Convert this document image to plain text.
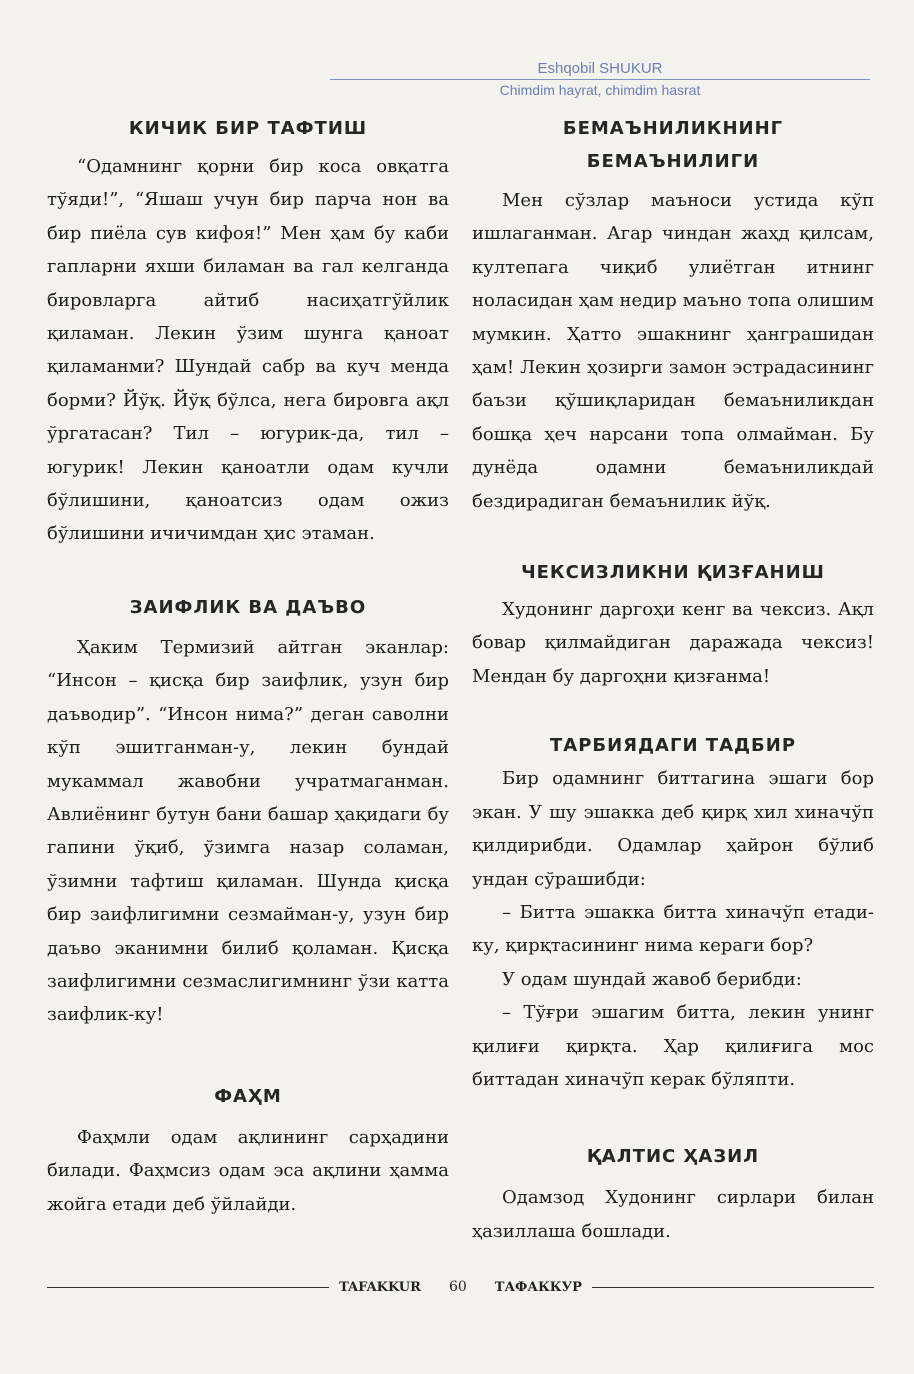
Eshqobil SHUKUR
Chimdim hayrat, chimdim hasrat
КИЧИК БИР ТАФТИШ

“Одамнинг қорни бир коса овқатга тўяди!”, “Яшаш учун бир парча нон ва бир пиёла сув кифоя!” Мен ҳам бу каби гапларни яхши биламан ва гал келганда бировларга айтиб насиҳатгўйлик қиламан. Лекин ўзим шунга қаноат қиламанми? Шундай сабр ва куч менда борми? Йўқ. Йўқ бўлса, нега бировга ақл ўргатасан? Тил – югурик-да, тил – югурик! Лекин қаноатли одам кучли бўлишини, қаноатсиз одам ожиз бўлишини ичичимдан ҳис этаман.

ЗАИФЛИК ВА ДАЪВО

Ҳаким Термизий айтган эканлар: “Инсон – қисқа бир заифлик, узун бир даъводир”. “Инсон нима?” деган саволни кўп эшитганман-у, лекин бундай мукаммал жавобни учратмаганман. Авлиёнинг бутун бани башар ҳақидаги бу гапини ўқиб, ўзимга назар соламан, ўзимни тафтиш қиламан. Шунда қисқа бир заифлигимни сезмайман-у, узун бир даъво эканимни билиб қоламан. Қисқа заифлигимни сезмаслигимнинг ўзи катта заифлик-ку!

ФАҲМ

Фаҳмли одам ақлининг сарҳадини билади. Фаҳмсиз одам эса ақлини ҳамма жойга етади деб ўйлайди.

БЕМАЪНИЛИКНИНГ БЕМАЪНИЛИГИ

Мен сўзлар маъноси устида кўп ишлаганман. Агар чиндан жаҳд қилсам, култепага чиқиб улиётган итнинг ноласидан ҳам недир маъно топа олишим мумкин. Ҳатто эшакнинг ҳанграшидан ҳам! Лекин ҳозирги замон эстрадасининг баъзи қўшиқларидан бемаъниликдан бошқа ҳеч нарсани топа олмайман. Бу дунёда одамни бемаъниликдай бездирадиган бемаънилик йўқ.

ЧЕКСИЗЛИКНИ ҚИЗҒАНИШ

Худонинг даргоҳи кенг ва чексиз. Ақл бовар қилмайдиган даражада чексиз! Мендан бу даргоҳни қизғанма!

ТАРБИЯДАГИ ТАДБИР

Бир одамнинг биттагина эшаги бор экан. У шу эшакка деб қирқ хил хиначўп қилдирибди. Одамлар ҳайрон бўлиб ундан сўрашибди:

– Битта эшакка битта хиначўп етади-ку, қирқтасининг нима кераги бор?

У одам шундай жавоб берибди:

– Тўғри эшагим битта, лекин унинг қилиғи қирқта. Ҳар қилиғига мос биттадан хиначўп керак бўляпти.

ҚАЛТИС ҲАЗИЛ

Одамзод Худонинг сирлари билан ҳазиллаша бошлади.

TAFAKKUR	60	ТАФАККУР
